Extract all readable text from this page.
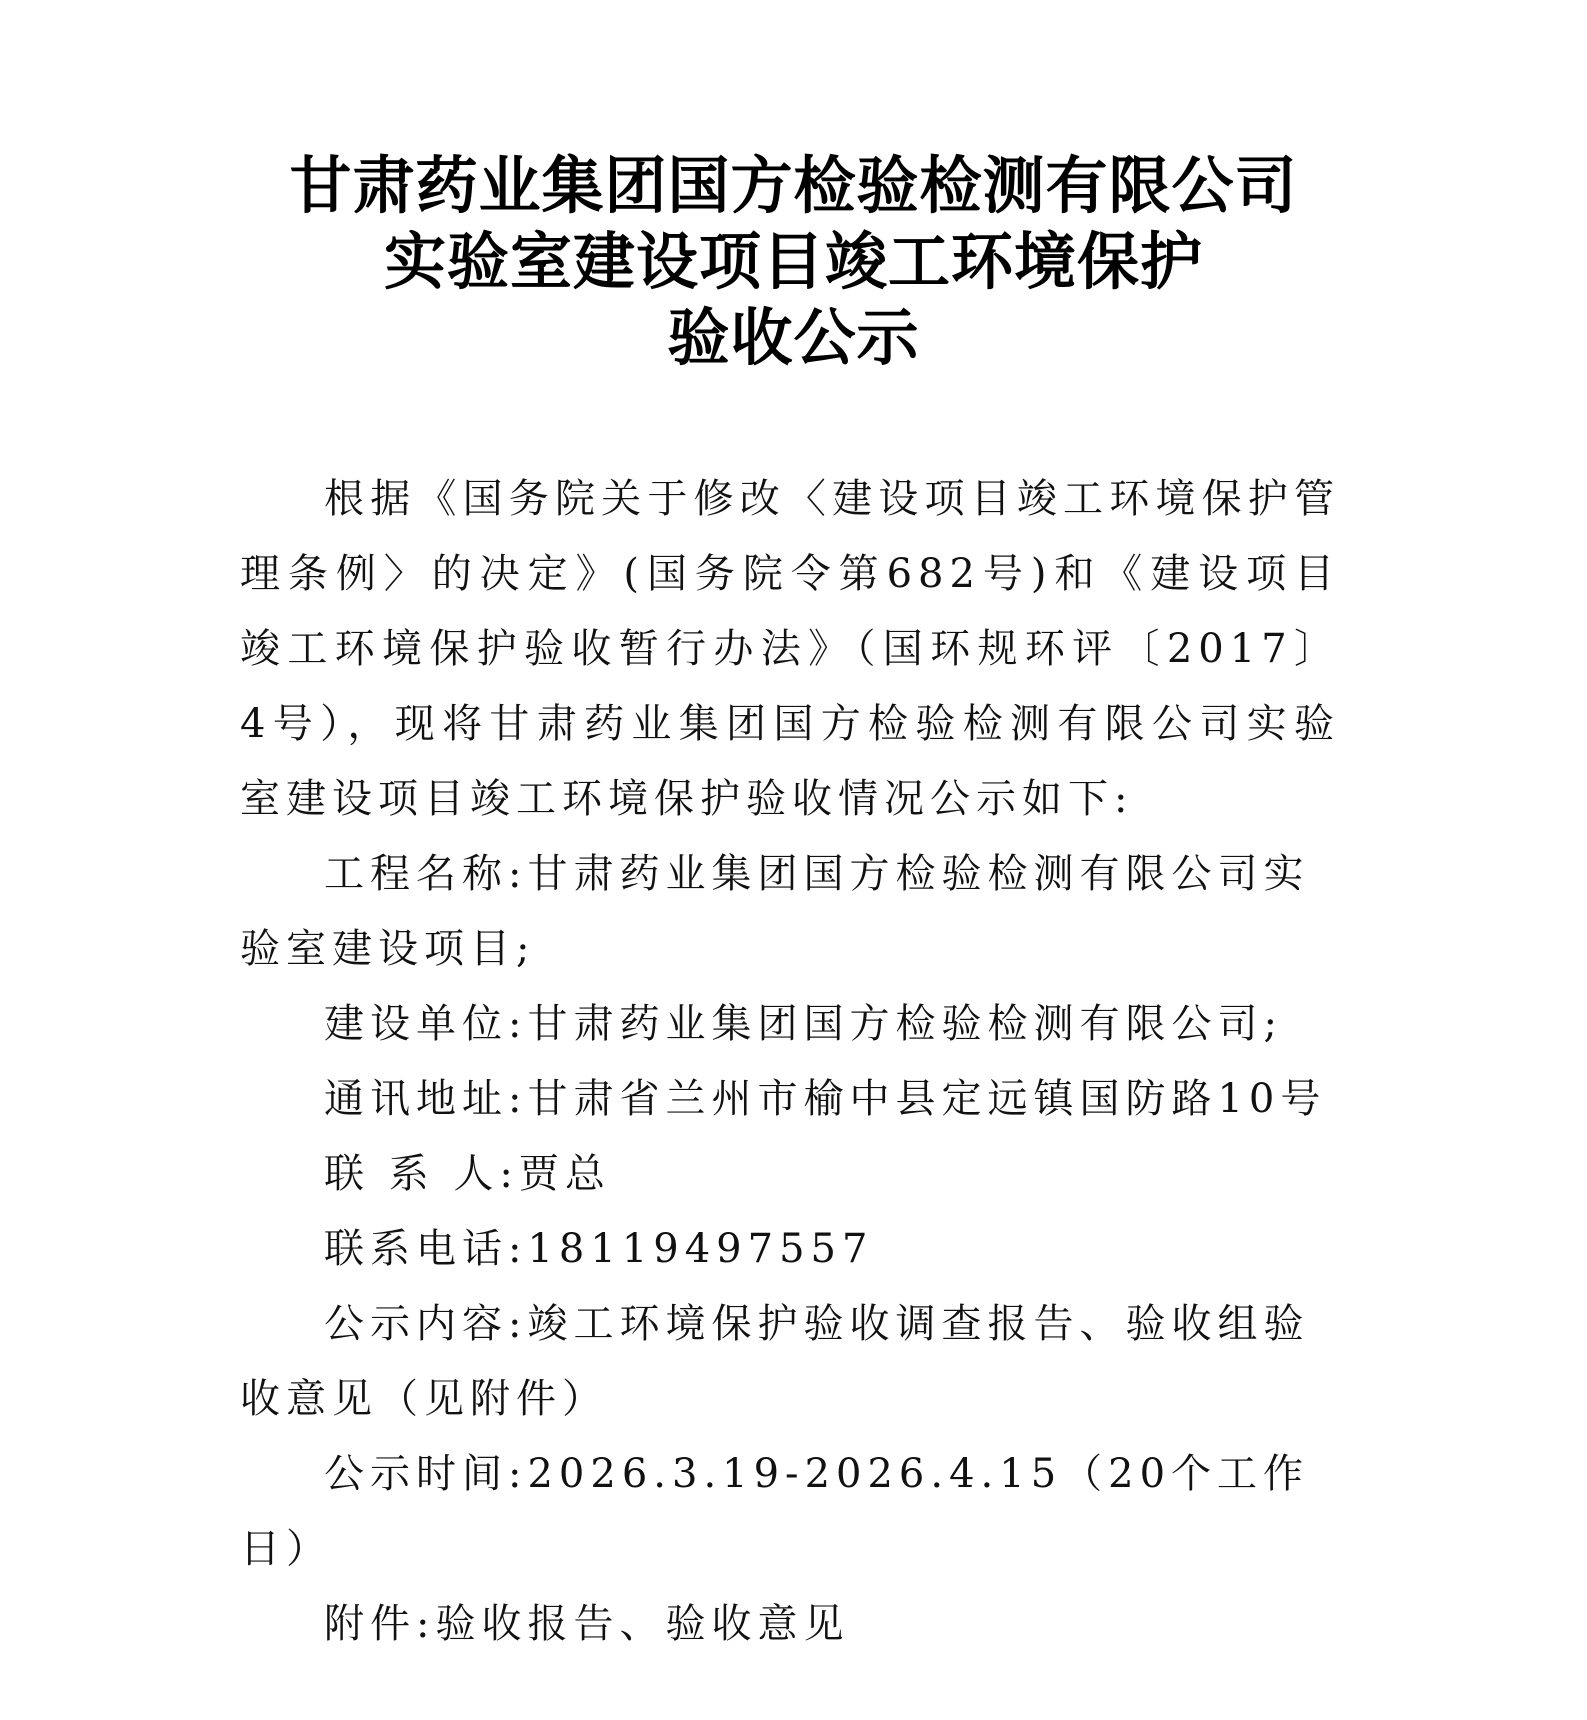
甘肃药业集团国方检验检测有限公司
实验室建设项目竣工环境保护
验收公示

根据《国务院关于修改〈建设项目竣工环境保护管理条例〉的决定》(国务院令第682号)和《建设项目竣工环境保护验收暂行办法》（国环规环评〔2017〕4号），现将甘肃药业集团国方检验检测有限公司实验室建设项目竣工环境保护验收情况公示如下:

工程名称:甘肃药业集团国方检验检测有限公司实验室建设项目;

建设单位:甘肃药业集团国方检验检测有限公司;

通讯地址:甘肃省兰州市榆中县定远镇国防路10号

联 系 人:贾总

联系电话:18119497557

公示内容:竣工环境保护验收调查报告、验收组验收意见（见附件）

公示时间:2026.3.19-2026.4.15（20个工作日）

附件:验收报告、验收意见
